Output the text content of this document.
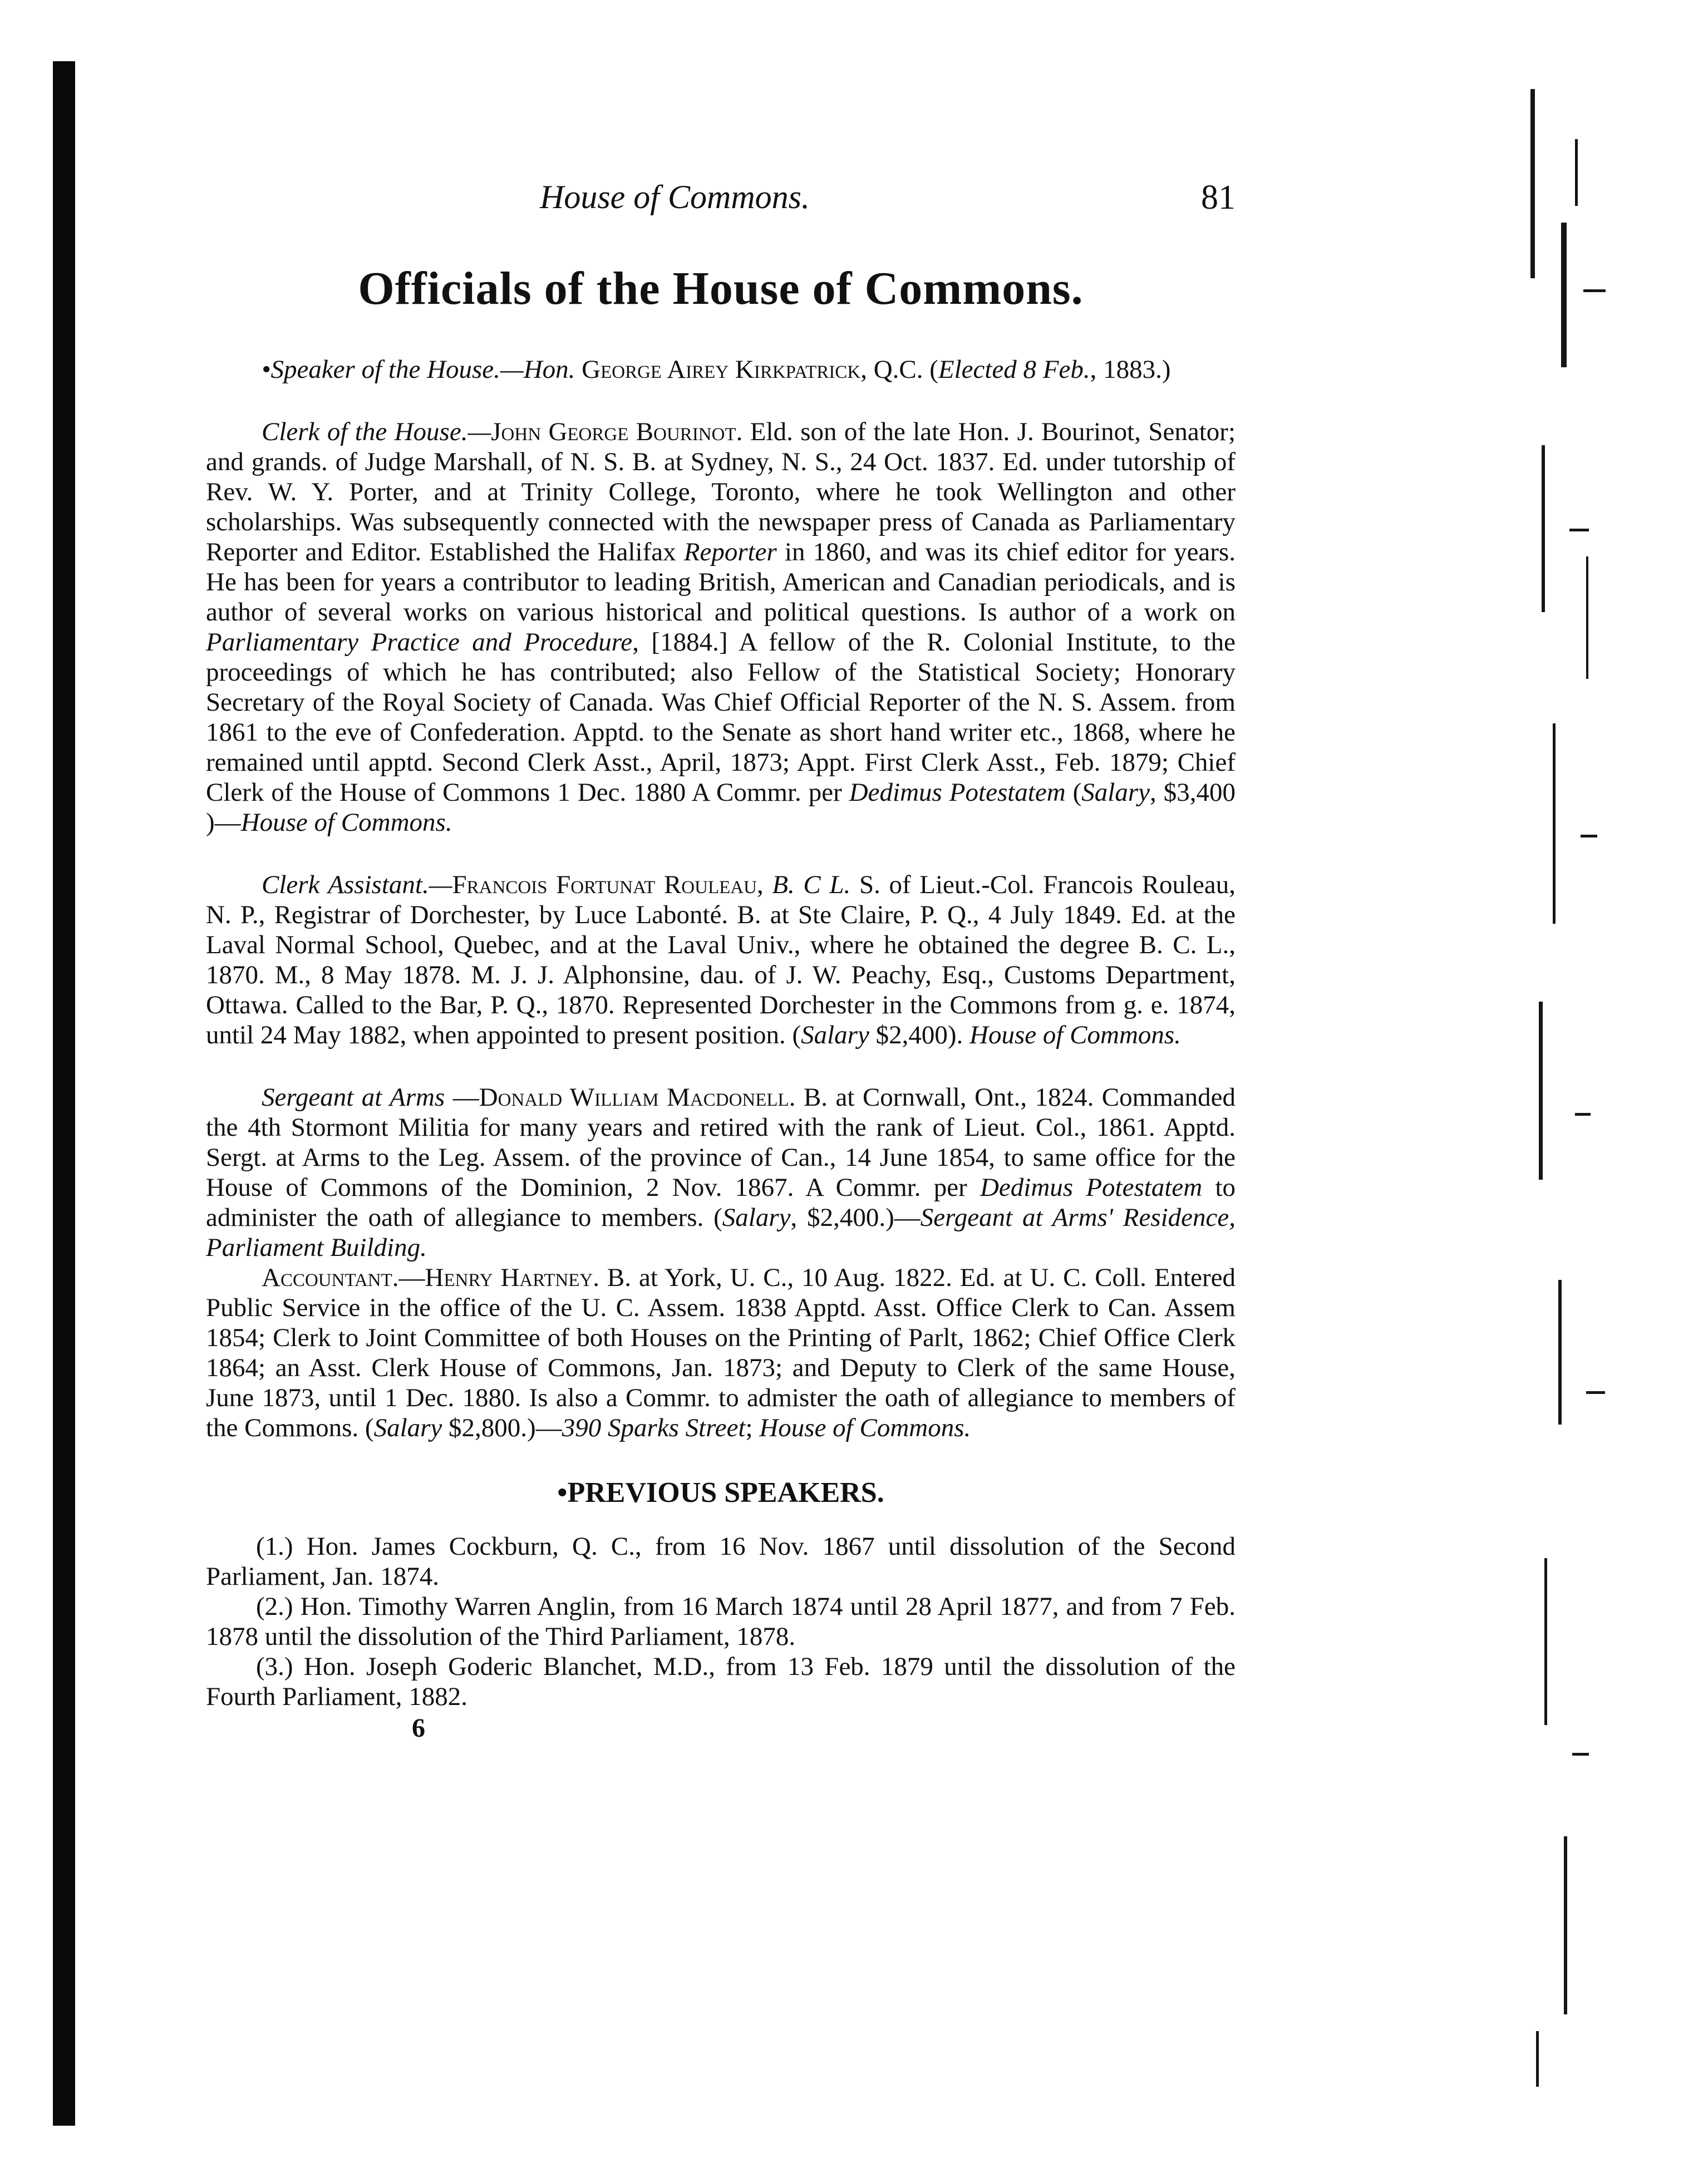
House of Commons.	81
Officials of the House of Commons.

•Speaker of the House.—Hon. George Airey Kirkpatrick, Q.C. (Elected 8 Feb., 1883.)

Clerk of the House.—John George Bourinot. Eld. son of the late Hon. J. Bourinot, Senator; and grands. of Judge Marshall, of N. S. B. at Sydney, N. S., 24 Oct. 1837. Ed. under tutorship of Rev. W. Y. Porter, and at Trinity College, Toronto, where he took Wellington and other scholarships. Was subsequently connected with the newspaper press of Canada as Parliamentary Reporter and Editor. Established the Halifax Reporter in 1860, and was its chief editor for years. He has been for years a contributor to leading British, American and Canadian periodicals, and is author of several works on various historical and political questions. Is author of a work on Parliamentary Practice and Procedure, [1884.] A fellow of the R. Colonial Institute, to the proceedings of which he has contributed; also Fellow of the Statistical Society; Honorary Secretary of the Royal Society of Canada. Was Chief Official Reporter of the N. S. Assem. from 1861 to the eve of Confederation. Apptd. to the Senate as short hand writer etc., 1868, where he remained until apptd. Second Clerk Asst., April, 1873; Appt. First Clerk Asst., Feb. 1879; Chief Clerk of the House of Commons 1 Dec. 1880 A Commr. per Dedimus Potestatem (Salary, $3,400 )—House of Commons.

Clerk Assistant.—Francois Fortunat Rouleau, B. C L. S. of Lieut.-Col. Francois Rouleau, N. P., Registrar of Dorchester, by Luce Labonté. B. at Ste Claire, P. Q., 4 July 1849. Ed. at the Laval Normal School, Quebec, and at the Laval Univ., where he obtained the degree B. C. L., 1870. M., 8 May 1878. M. J. J. Alphonsine, dau. of J. W. Peachy, Esq., Customs Department, Ottawa. Called to the Bar, P. Q., 1870. Represented Dorchester in the Commons from g. e. 1874, until 24 May 1882, when appointed to present position. (Salary $2,400). House of Commons.

Sergeant at Arms —Donald William Macdonell. B. at Cornwall, Ont., 1824. Commanded the 4th Stormont Militia for many years and retired with the rank of Lieut. Col., 1861. Apptd. Sergt. at Arms to the Leg. Assem. of the province of Can., 14 June 1854, to same office for the House of Commons of the Dominion, 2 Nov. 1867. A Commr. per Dedimus Potestatem to administer the oath of allegiance to members. (Salary, $2,400.)—Sergeant at Arms' Residence, Parliament Building.

Accountant.—Henry Hartney. B. at York, U. C., 10 Aug. 1822. Ed. at U. C. Coll. Entered Public Service in the office of the U. C. Assem. 1838 Apptd. Asst. Office Clerk to Can. Assem 1854; Clerk to Joint Committee of both Houses on the Printing of Parlt, 1862; Chief Office Clerk 1864; an Asst. Clerk House of Commons, Jan. 1873; and Deputy to Clerk of the same House, June 1873, until 1 Dec. 1880. Is also a Commr. to admister the oath of allegiance to members of the Commons. (Salary $2,800.)—390 Sparks Street; House of Commons.

•PREVIOUS SPEAKERS.

(1.) Hon. James Cockburn, Q. C., from 16 Nov. 1867 until dissolution of the Second Parliament, Jan. 1874.

(2.) Hon. Timothy Warren Anglin, from 16 March 1874 until 28 April 1877, and from 7 Feb. 1878 until the dissolution of the Third Parliament, 1878.

(3.) Hon. Joseph Goderic Blanchet, M.D., from 13 Feb. 1879 until the dissolution of the Fourth Parliament, 1882.

6
